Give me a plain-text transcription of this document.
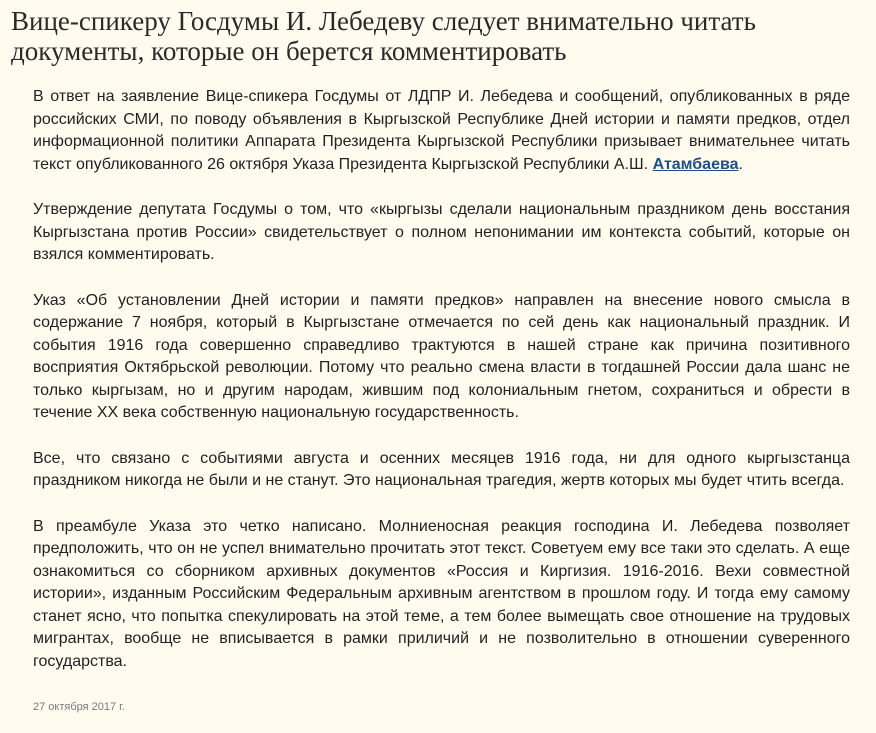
Вице-спикеру Госдумы И. Лебедеву следует внимательно читать документы, которые он берется комментировать

В ответ на заявление Вице-спикера Госдумы от ЛДПР И. Лебедева и сообщений, опубликованных в ряде российских СМИ, по поводу объявления в Кыргызской Республике Дней истории и памяти предков, отдел информационной политики Аппарата Президента Кыргызской Республики призывает внимательнее читать текст опубликованного 26 октября Указа Президента Кыргызской Республики А.Ш. Атамбаева.

Утверждение депутата Госдумы о том, что «кыргызы сделали национальным праздником день восстания Кыргызстана против России» свидетельствует о полном непонимании им контекста событий, которые он взялся комментировать.

Указ «Об установлении Дней истории и памяти предков» направлен на внесение нового смысла в содержание 7 ноября, который в Кыргызстане отмечается по сей день как национальный праздник. И события 1916 года совершенно справедливо трактуются в нашей стране как причина позитивного восприятия Октябрьской революции. Потому что реально смена власти в тогдашней России дала шанс не только кыргызам, но и другим народам, жившим под колониальным гнетом, сохраниться и обрести в течение XX века собственную национальную государственность.

Все, что связано с событиями августа и осенних месяцев 1916 года, ни для одного кыргызстанца праздником никогда не были и не станут. Это национальная трагедия, жертв которых мы будет чтить всегда.

В преамбуле Указа это четко написано. Молниеносная реакция господина И. Лебедева позволяет предположить, что он не успел внимательно прочитать этот текст. Советуем ему все таки это сделать. А еще ознакомиться со сборником архивных документов «Россия и Киргизия. 1916-2016. Вехи совместной истории», изданным Российским Федеральным архивным агентством в прошлом году. И тогда ему самому станет ясно, что попытка спекулировать на этой теме, а тем более вымещать свое отношение на трудовых мигрантах, вообще не вписывается в рамки приличий и не позволительно в отношении суверенного государства.

27 октября 2017 г.
